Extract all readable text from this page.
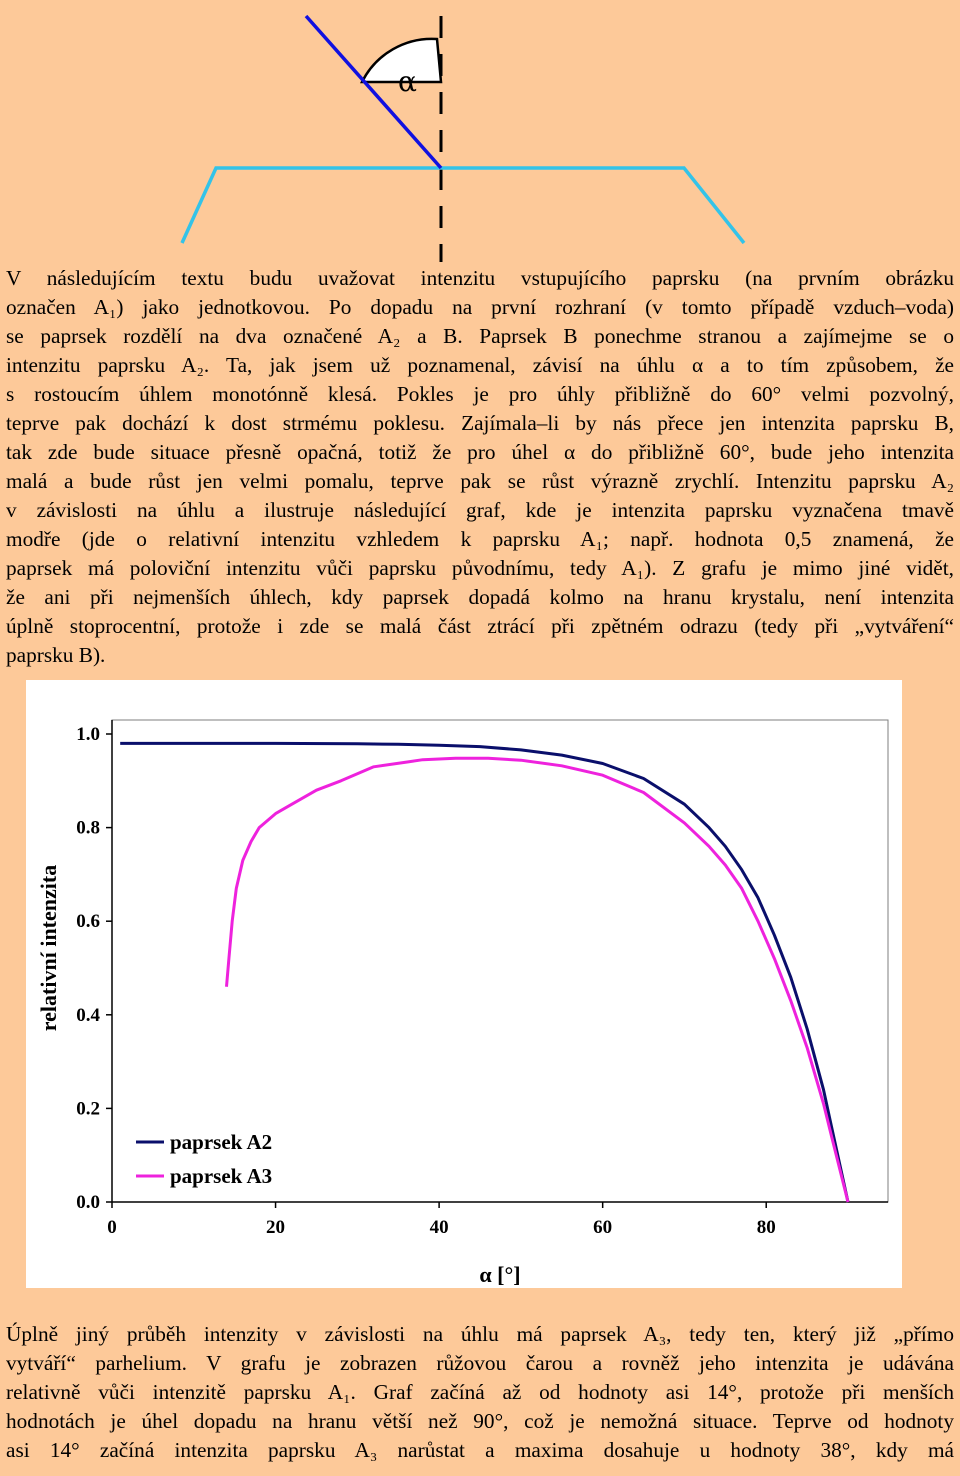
α
V následujícím textu budu uvažovat intenzitu vstupujícího paprsku (na prvním obrázku
označen A₁) jako jednotkovou. Po dopadu na první rozhraní (v tomto případě vzduch–voda)
se paprsek rozdělí na dva označené A₂ a B. Paprsek B ponechme stranou a zajímejme se o
intenzitu paprsku A₂. Ta, jak jsem už poznamenal, závisí na úhlu α a to tím způsobem, že
s rostoucím úhlem monotónně klesá. Pokles je pro úhly přibližně do 60° velmi pozvolný,
teprve pak dochází k dost strmému poklesu. Zajímala–li by nás přece jen intenzita paprsku B,
tak zde bude situace přesně opačná, totiž že pro úhel α do přibližně 60°, bude jeho intenzita
malá a bude růst jen velmi pomalu, teprve pak se růst výrazně zrychlí. Intenzitu paprsku A₂
v závislosti na úhlu a ilustruje následující graf, kde je intenzita paprsku vyznačena tmavě
modře (jde o relativní intenzitu vzhledem k paprsku A₁; např. hodnota 0,5 znamená, že
paprsek má poloviční intenzitu vůči paprsku původnímu, tedy A₁). Z grafu je mimo jiné vidět,
že ani při nejmenších úhlech, kdy paprsek dopadá kolmo na hranu krystalu, není intenzita
úplně stoprocentní, protože i zde se malá část ztrácí při zpětném odrazu (tedy při „vytváření“
paprsku B).
0.0
0.2
0.4
0.6
0.8
1.0
0	20	40	60	80
α [°]
relativní intenzita
paprsek A2
paprsek A3
Úplně jiný průběh intenzity v závislosti na úhlu má paprsek A₃, tedy ten, který již „přímo
vytváří“ parhelium. V grafu je zobrazen růžovou čarou a rovněž jeho intenzita je udávána
relativně vůči intenzitě paprsku A₁. Graf začíná až od hodnoty asi 14°, protože při menších
hodnotách je úhel dopadu na hranu větší než 90°, což je nemožná situace. Teprve od hodnoty
asi 14° začíná intenzita paprsku A₃ narůstat a maxima dosahuje u hodnoty 38°, kdy má
